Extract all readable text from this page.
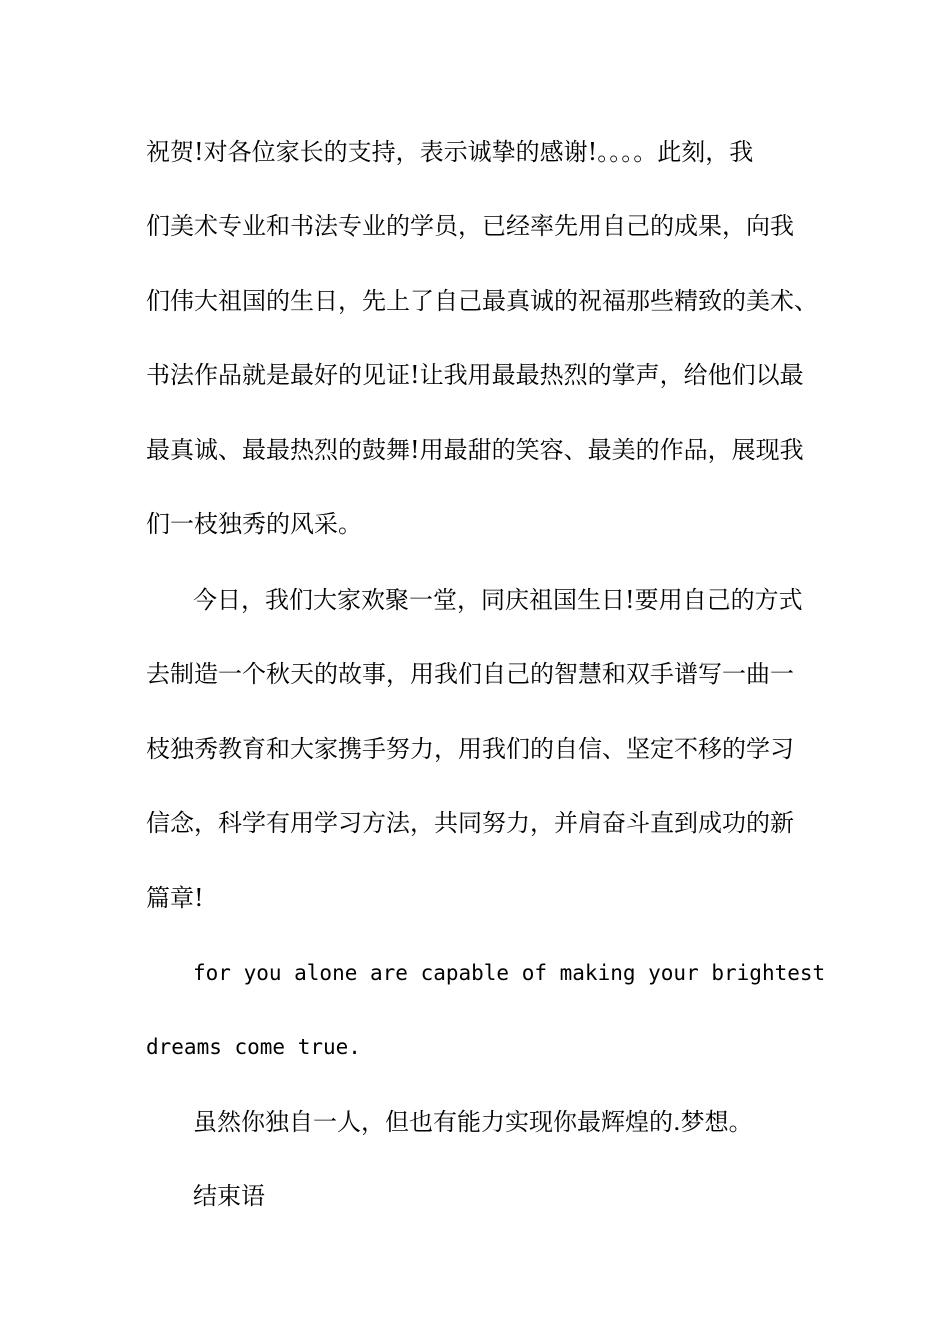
祝贺!对各位家长的支持，表示诚挚的感谢!。。。。此刻，我

们美术专业和书法专业的学员，已经率先用自己的成果，向我

们伟大祖国的生日，先上了自己最真诚的祝福那些精致的美术、

书法作品就是最好的见证!让我用最最热烈的掌声，给他们以最

最真诚、最最热烈的鼓舞!用最甜的笑容、最美的作品，展现我

们一枝独秀的风采。

今日，我们大家欢聚一堂，同庆祖国生日!要用自己的方式

去制造一个秋天的故事，用我们自己的智慧和双手谱写一曲一

枝独秀教育和大家携手努力，用我们的自信、坚定不移的学习

信念，科学有用学习方法，共同努力，并肩奋斗直到成功的新

篇章!

for you alone are capable of making your brightest

dreams come true.

虽然你独自一人，但也有能力实现你最辉煌的.梦想。

结束语
